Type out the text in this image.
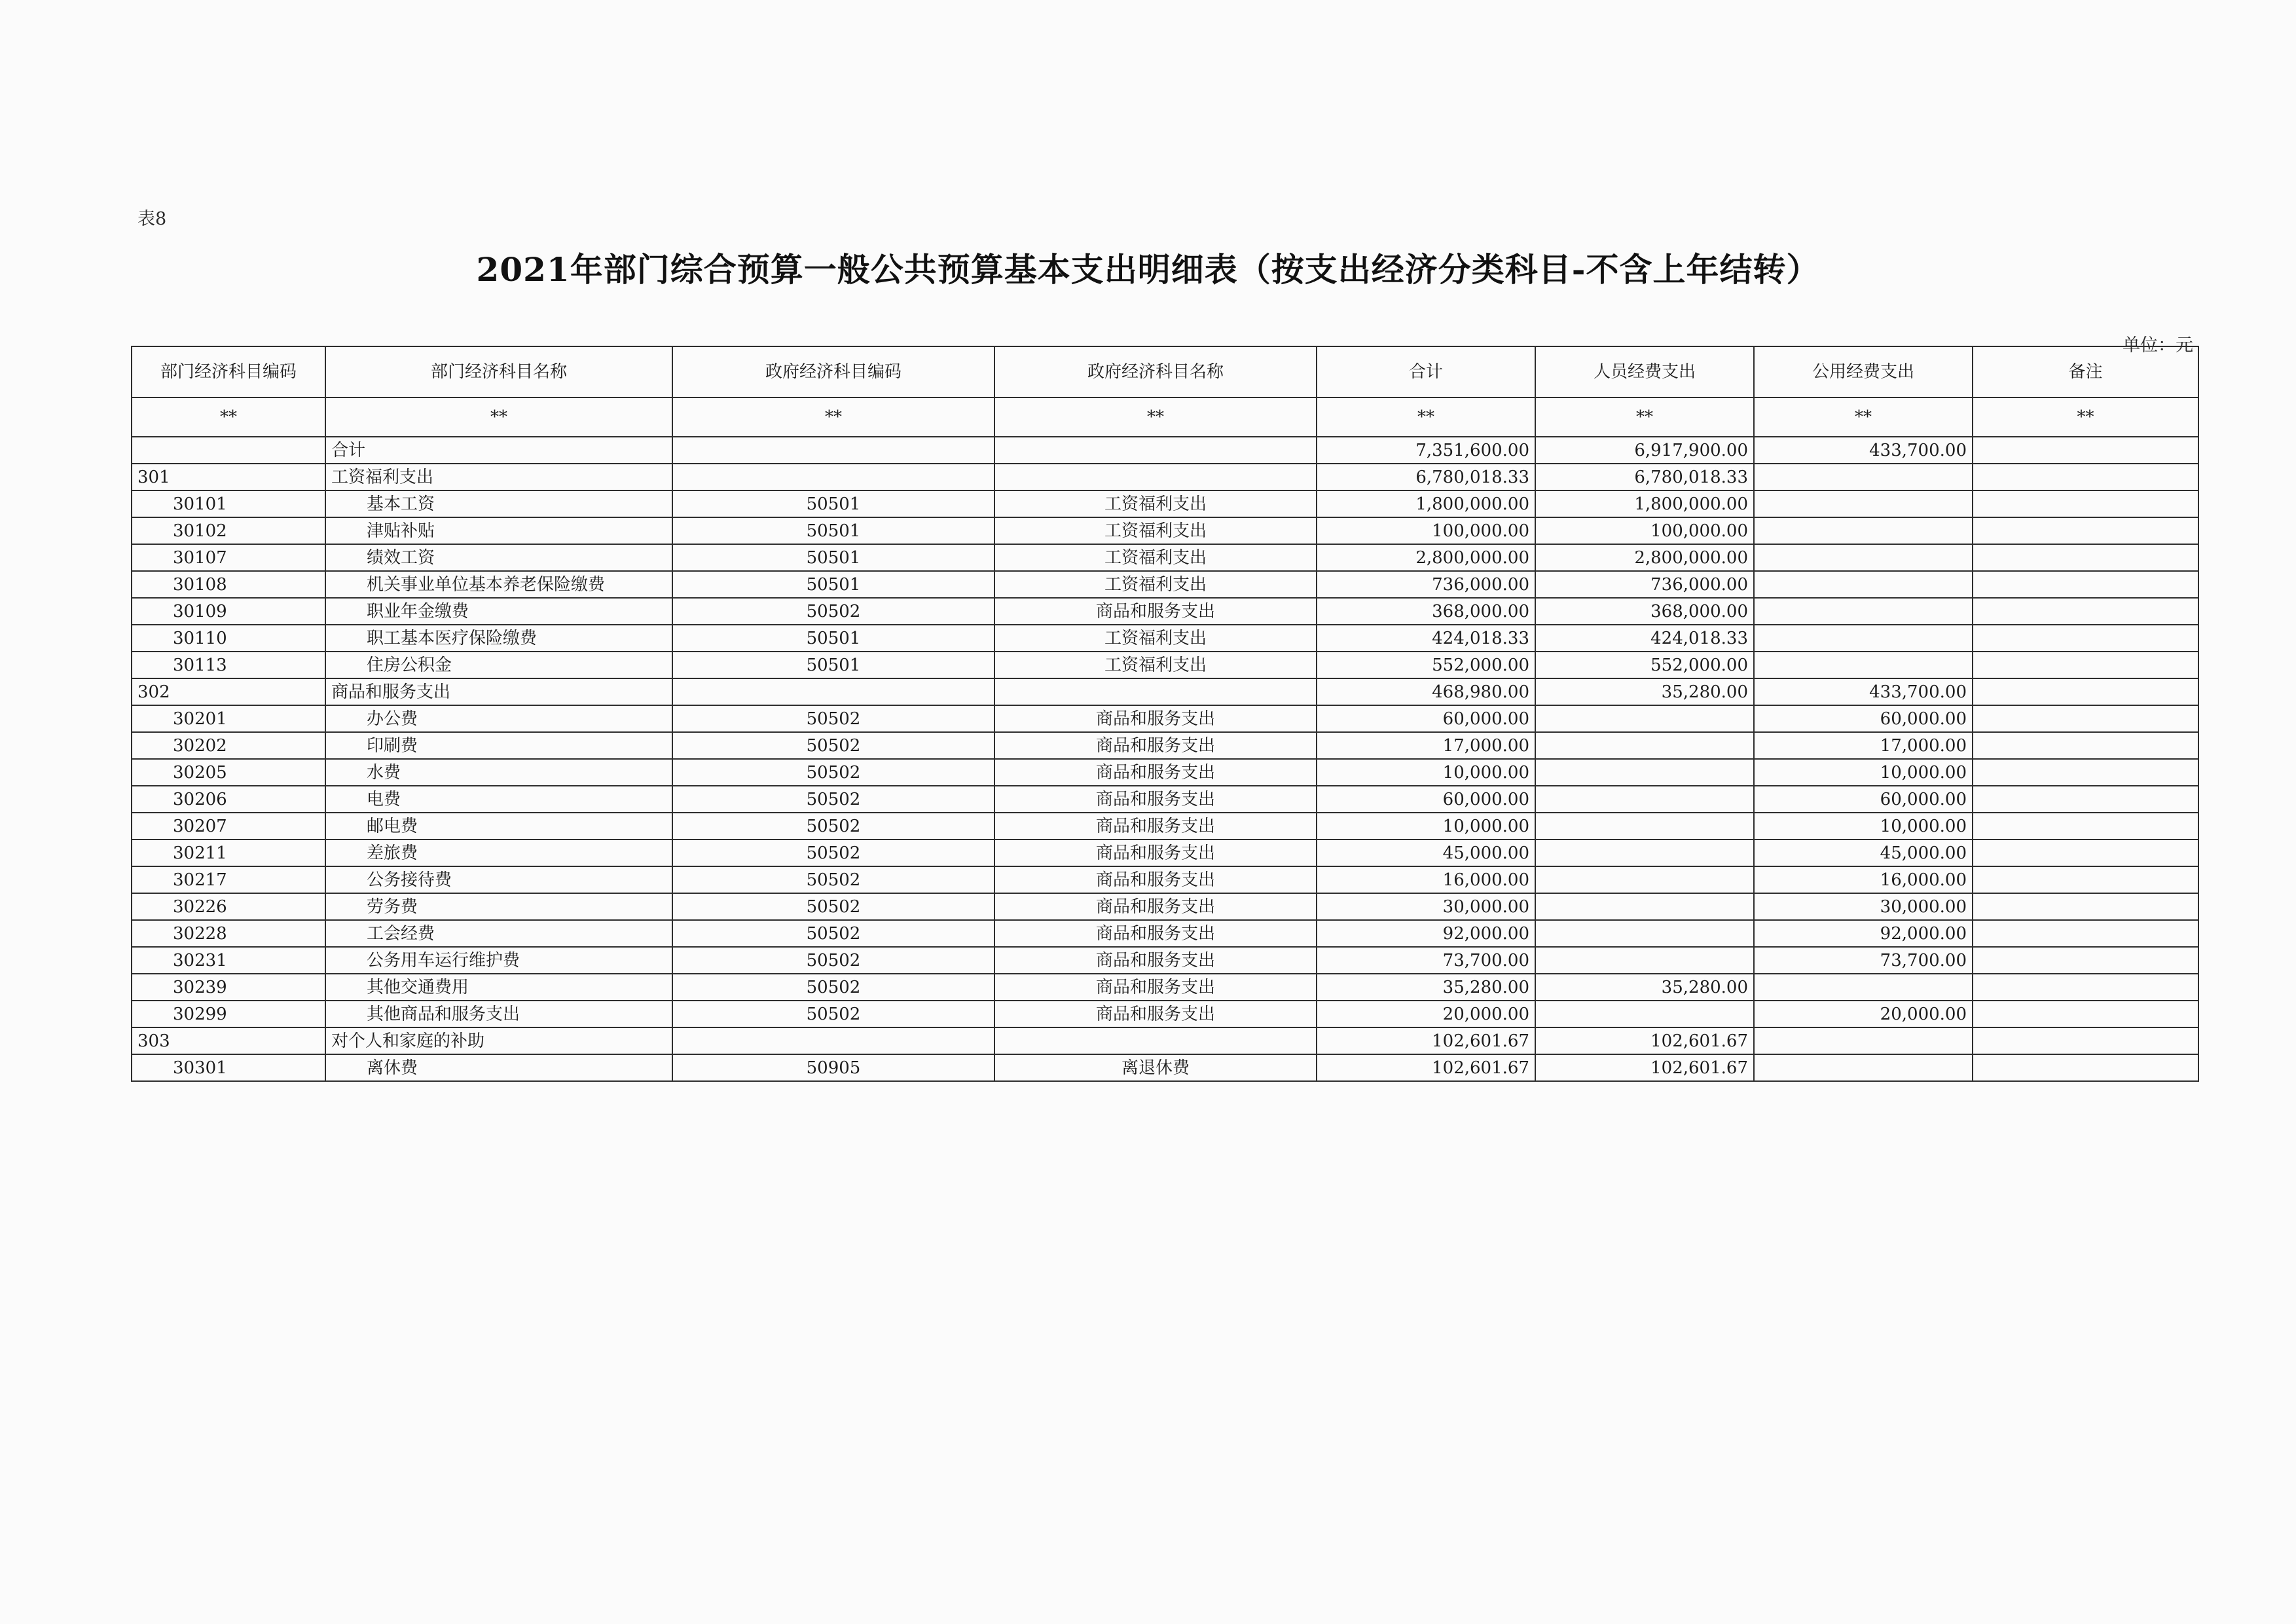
表8
2021年部门综合预算一般公共预算基本支出明细表（按支出经济分类科目-不含上年结转）
单位：元
部门经济科目编码	部门经济科目名称	政府经济科目编码	政府经济科目名称	合计	人员经费支出	公用经费支出	备注
**	**	**	**	**	**	**	**
	合计			7,351,600.00	6,917,900.00	433,700.00	
301	工资福利支出			6,780,018.33	6,780,018.33		
30101	基本工资	50501	工资福利支出	1,800,000.00	1,800,000.00		
30102	津贴补贴	50501	工资福利支出	100,000.00	100,000.00		
30107	绩效工资	50501	工资福利支出	2,800,000.00	2,800,000.00		
30108	机关事业单位基本养老保险缴费	50501	工资福利支出	736,000.00	736,000.00		
30109	职业年金缴费	50502	商品和服务支出	368,000.00	368,000.00		
30110	职工基本医疗保险缴费	50501	工资福利支出	424,018.33	424,018.33		
30113	住房公积金	50501	工资福利支出	552,000.00	552,000.00		
302	商品和服务支出			468,980.00	35,280.00	433,700.00	
30201	办公费	50502	商品和服务支出	60,000.00		60,000.00	
30202	印刷费	50502	商品和服务支出	17,000.00		17,000.00	
30205	水费	50502	商品和服务支出	10,000.00		10,000.00	
30206	电费	50502	商品和服务支出	60,000.00		60,000.00	
30207	邮电费	50502	商品和服务支出	10,000.00		10,000.00	
30211	差旅费	50502	商品和服务支出	45,000.00		45,000.00	
30217	公务接待费	50502	商品和服务支出	16,000.00		16,000.00	
30226	劳务费	50502	商品和服务支出	30,000.00		30,000.00	
30228	工会经费	50502	商品和服务支出	92,000.00		92,000.00	
30231	公务用车运行维护费	50502	商品和服务支出	73,700.00		73,700.00	
30239	其他交通费用	50502	商品和服务支出	35,280.00	35,280.00		
30299	其他商品和服务支出	50502	商品和服务支出	20,000.00		20,000.00	
303	对个人和家庭的补助			102,601.67	102,601.67		
30301	离休费	50905	离退休费	102,601.67	102,601.67		
